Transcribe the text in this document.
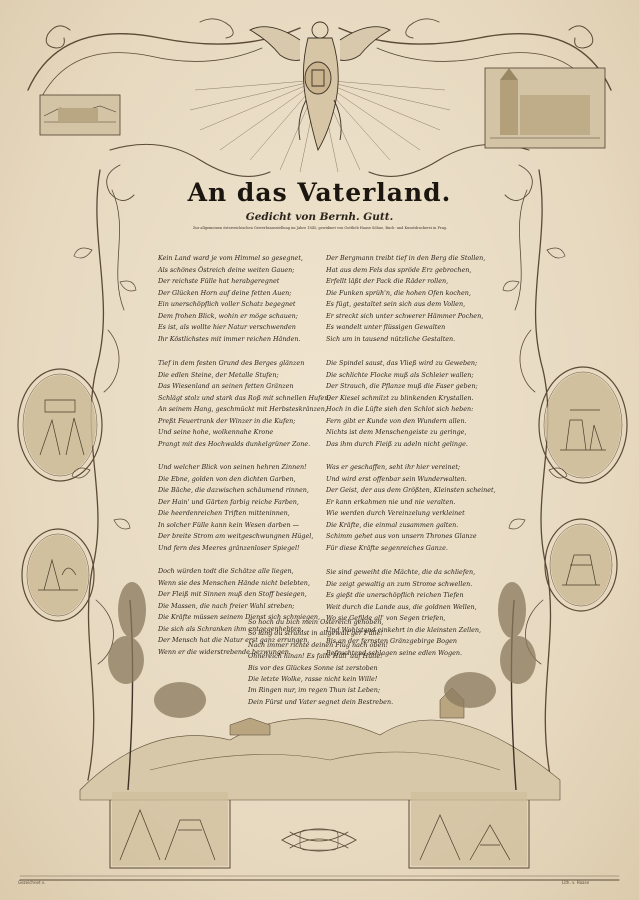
An das Vaterland.
Gedicht von Bernh. Gutt.
Zur allgemeinen österreichischen Gewerbsausstellung im Jahre 1845, gewidmet von Gottlieb Haase Söhne, Buch- und Kunstdruckerei in Prag.
Kein Land ward je vom Himmel so gesegnet,
Als schönes Östreich deine weiten Gauen;
Der reichste Fülle hat herabgeregnet
Der Glücken Horn auf deine fetten Auen;
Ein unerschöpflich voller Schatz begegnet
Dem frohen Blick, wohin er möge schauen;
Es ist, als wollte hier Natur verschwenden
Ihr Köstlichstes mit immer reichen Händen.
Tief in dem festen Grund des Berges glänzen
Die edlen Steine, der Metalle Stufen;
Das Wiesenland an seinen fetten Gränzen
Schlägt stolz und stark das Roß mit schnellen Hufen;
An seinem Hang, geschmückt mit Herbsteskränzen,
Preßt Feuertrank der Winzer in die Kufen;
Und seine hohe, wolkennahe Krone
Prangt mit des Hochwalds dunkelgrüner Zone.
Und welcher Blick von seinen hehren Zinnen!
Die Ebne, golden von den dichten Garben,
Die Bäche, die dazwischen schäumend rinnen,
Der Hain' und Gärten farbig reiche Farben,
Die heerdenreichen Triften mitteninnen,
In solcher Fülle kann kein Wesen darben —
Der breite Strom am weitgeschwungnen Hügel,
Und fern des Meeres gränzenloser Spiegel!
Doch würden todt die Schätze alle liegen,
Wenn sie des Menschen Hände nicht belebten,
Der Fleiß mit Sinnen muß den Stoff besiegen,
Die Massen, die nach freier Wahl streben;
Die Kräfte müssen seinem Dienst sich schmiegen,
Die sich als Schranken ihm entgegenhebten,
Der Mensch hat die Natur erst ganz errungen,
Wenn er die widerstrebende bezwungen.
Der Bergmann treibt tief in den Berg die Stollen,
Hat aus dem Fels das spröde Erz gebrochen,
Erfellt läßt der Pack die Räder rollen,
Die Funken sprüh'n, die hohen Ofen kochen,
Es fügt, gestaltet sein sich aus dem Vollen,
Er streckt sich unter schwerer Hämmer Pochen,
Es wandelt unter flüssigen Gewalten
Sich um in tausend nützliche Gestalten.
Die Spindel saust, das Vließ wird zu Geweben;
Die schlichte Flocke muß als Schleier wallen;
Der Strauch, die Pflanze muß die Faser geben;
Der Kiesel schmilzt zu blinkenden Krystallen.
Hoch in die Lüfte sieh den Schlot sich heben:
Fern gibt er Kunde von den Wundern allen.
Nichts ist dem Menschengeiste zu geringe,
Das ihm durch Fleiß zu adeln nicht gelinge.
Was er geschaffen, seht ihr hier vereinet;
Und wird erst offenbar sein Wunderwalten.
Der Geist, der aus dem Größten, Kleinsten scheinet,
Er kann erkahmen nie und nie veralten.
Wie werden durch Vereinzelung verkleinet
Die Kräfte, die einmal zusammen galten.
Schimm gehet aus von unsern Thrones Glanze
Für diese Kräfte segenreiches Ganze.
Sie sind geweiht die Mächte, die da schliefen,
Die zeigt gewaltig an zum Strome schwellen.
Es gießt die unerschöpflich reichen Tiefen
Weit durch die Lande aus, die goldnen Wellen,
Wo sie Gefilde all' von Segen triefen,
Und Wohlstand einkehrt in die kleinsten Zellen,
Bis an der fernsten Gränzgebirge Bogen
Befruchtend schlagen seine edlen Wogen.
So hoch du bich mein Ostereich gehoben,
So lang du strahlst in allgewalt'ger Fülle!
Nach immer richte deinen Flug nach oben!
Ohnereich hinan! Es falle Hüll' auf Hülle!
Bis vor des Glückes Sonne ist zerstoben
Die letzte Wolke, rasse nicht kein Wille!
Im Ringen nur, im regen Thun ist Leben;
Dein Fürst und Vater segnet dein Bestreben.
Gezeichnet v.	Lith. v. Haase
